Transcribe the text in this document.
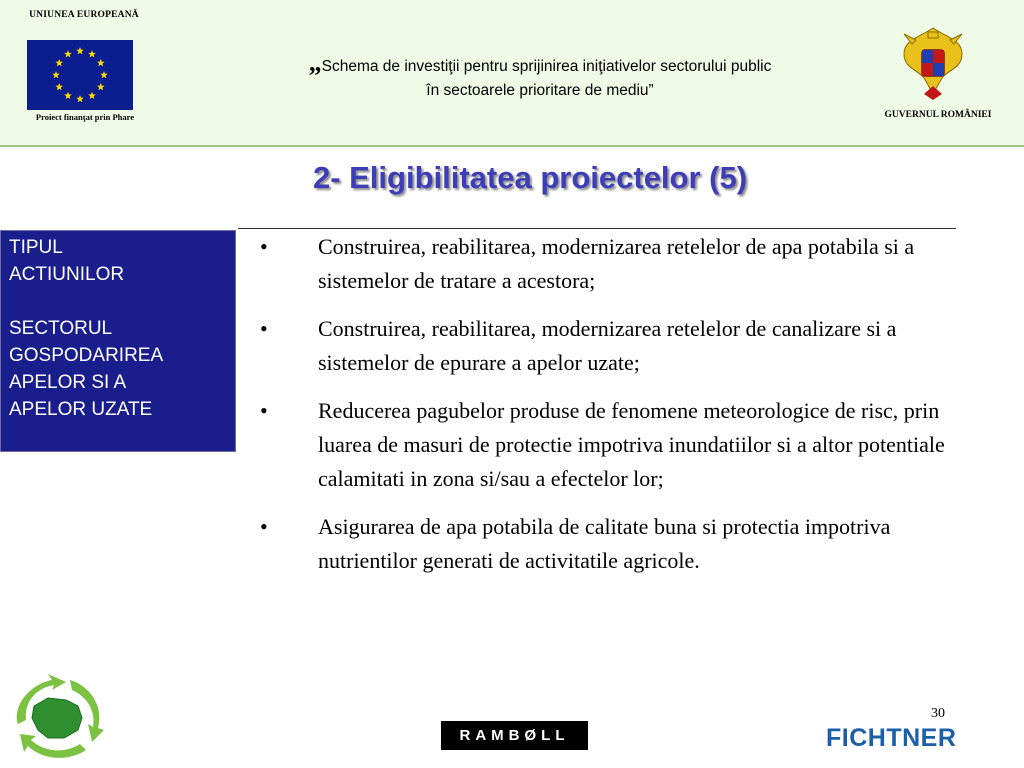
UNIUNEA EUROPEANĂ
Proiect finanţat prin Phare
„Schema de investiţii pentru sprijinirea iniţiativelor sectorului public
în sectoarele prioritare de mediu”
GUVERNUL ROMÂNIEI
2- Eligibilitatea proiectelor (5)
TIPUL
ACTIUNILOR
SECTORUL
GOSPODARIREA
APELOR SI A
APELOR UZATE
•	Construirea, reabilitarea, modernizarea retelelor de apa potabila si a sistemelor de tratare a acestora;
•	Construirea, reabilitarea, modernizarea retelelor de canalizare si a sistemelor de epurare a apelor uzate;
•	Reducerea pagubelor produse de fenomene meteorologice de risc, prin luarea de masuri de protectie impotriva inundatiilor si a altor potentiale calamitati in zona si/sau a efectelor lor;
•	Asigurarea de apa potabila de calitate buna si protectia impotriva nutrientilor generati de activitatile agricole.
30
RAMBØLL	FICHTNER
